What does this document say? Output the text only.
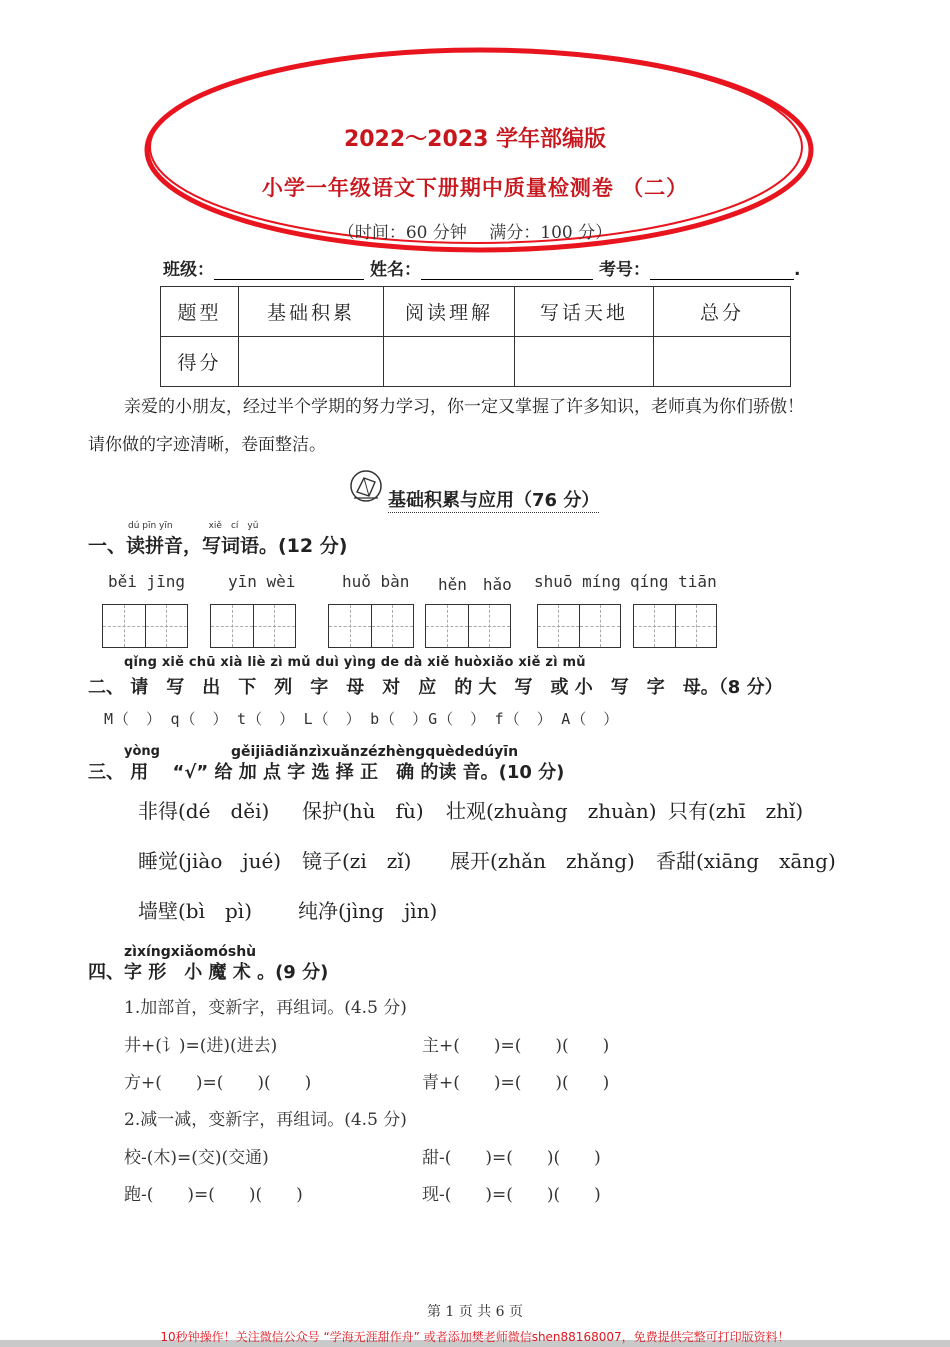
2022～2023 学年部编版
小学一年级语文下册期中质量检测卷 （二）
（时间：60 分钟　 满分：100 分）
班级：	姓名：	考号：	.
题型	基础积累	阅读理解	写话天地	总分
得分				
亲爱的小朋友，经过半个学期的努力学习，你一定又掌握了许多知识，老师真为你们骄傲！
请你做的字迹清晰，卷面整洁。
基础积累与应用（76 分）
dú pīn yīn　　　　xiě　cí　yǔ
一、读拼音，写词语。(12 分)
běi jīng	yīn wèi	huǒ bàn hěn　hǎo shuō míng qíng tiān
qǐng xiě chū xià liè zì mǔ duì yìng de dà xiě huòxiǎo xiě zì mǔ
二、 请　写　出　下　列　字　母　对　应　的 大　写　或 小　写　字　母。（8 分）
M（　）　q（　）　t（　）　L（　）　b（　）G（　）　f（　）　A（　）
yòng	gěijiādiǎnzìxuǎnzézhèngquèdedúyīn
三、 用　 “√” 给 加 点 字 选 择 正　确 的读 音。(10 分)
非得(dé　děi) 保护(hù　fù) 壮观(zhuàng　zhuàn) 只有(zhī　zhǐ)
睡觉(jiào　jué) 镜子(zi　zǐ) 展开(zhǎn　zhǎng) 香甜(xiāng　xāng)
墙壁(bì　pì) 纯净(jìng　jìn)
zìxíngxiǎomóshù
四、字 形　小 魔 术 。(9 分)
1.加部首，变新字，再组词。(4.5 分)
井+(讠)=(进)(进去)	主+(　　)=(　　)(　　)
方+(　　)=(　　)(　　)	青+(　　)=(　　)(　　)
2.减一减，变新字，再组词。(4.5 分)
校-(木)=(交)(交通)	甜-(　　)=(　　)(　　)
跑-(　　)=(　　)(　　)	现-(　　)=(　　)(　　)
第 1 页 共 6 页
10秒钟操作！关注微信公众号 “学海无涯甜作舟” 或者添加樊老师微信shen88168007，免费提供完整可打印版资料！
